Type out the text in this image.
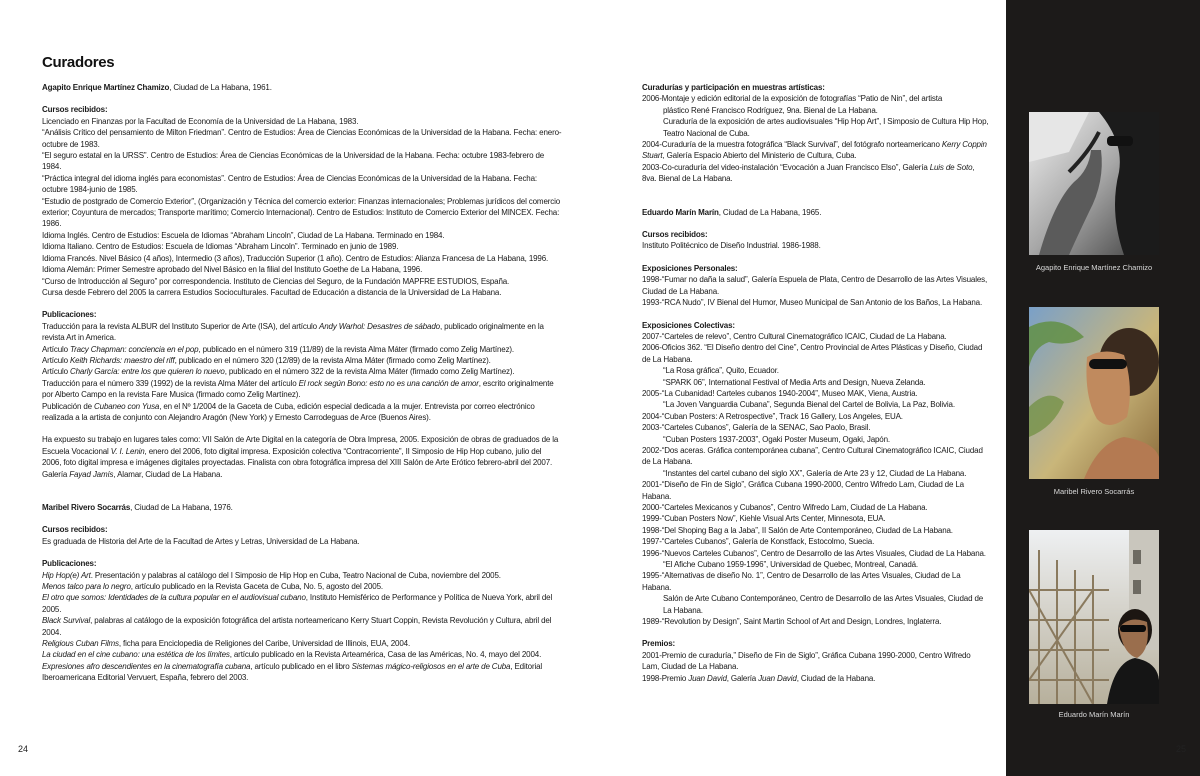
Curadores
Agapito Enrique Martínez Chamizo, Ciudad de La Habana, 1961.
Cursos recibidos:
Licenciado en Finanzas por la Facultad de Economía de la Universidad de La Habana, 1983.
“Análisis Crítico del pensamiento de Milton Friedman”. Centro de Estudios: Área de Ciencias Económicas de la Universidad de la Habana. Fecha: enero-octubre de 1983.
“El seguro estatal en la URSS”. Centro de Estudios: Área de Ciencias Económicas de la Universidad de la Habana. Fecha: octubre 1983-febrero de 1984.
“Práctica integral del idioma inglés para economistas”. Centro de Estudios: Área de Ciencias Económicas de la Universidad de la Habana. Fecha: octubre 1984-junio de 1985.
“Estudio de postgrado de Comercio Exterior”, (Organización y Técnica del comercio exterior: Finanzas internacionales; Problemas jurídicos del comercio exterior; Coyuntura de mercados; Transporte marítimo; Comercio Internacional). Centro de Estudios: Instituto de Comercio Exterior del MINCEX. Fecha: 1986.
Idioma Inglés. Centro de Estudios: Escuela de Idiomas “Abraham Lincoln”, Ciudad de La Habana. Terminado en 1984.
Idioma Italiano. Centro de Estudios: Escuela de Idiomas “Abraham Lincoln”. Terminado en junio de 1989.
Idioma Francés. Nivel Básico (4 años), Intermedio (3 años), Traducción Superior (1 año). Centro de Estudios: Alianza Francesa de La Habana, 1996.
Idioma Alemán: Primer Semestre aprobado del Nivel Básico en la filial del Instituto Goethe de La Habana, 1996.
“Curso de Introducción al Seguro” por correspondencia. Instituto de Ciencias del Seguro, de la Fundación MAPFRE ESTUDIOS, España.
Cursa desde Febrero del 2005 la carrera Estudios Socioculturales. Facultad de Educación a distancia de la Universidad de La Habana.
Publicaciones:
Traducción para la revista ALBUR del Instituto Superior de Arte (ISA), del artículo Andy Warhol: Desastres de sábado, publicado originalmente en la revista Art in America.
Artículo Tracy Chapman: conciencia en el pop, publicado en el número 319 (11/89) de la revista Alma Máter (firmado como Zelig Martínez).
Artículo Keith Richards: maestro del riff, publicado en el número 320 (12/89) de la revista Alma Máter (firmado como Zelig Martínez).
Artículo Charly García: entre los que quieren lo nuevo, publicado en el número 322 de la revista Alma Máter (firmado como Zelig Martínez).
Traducción para el número 339 (1992) de la revista Alma Máter del artículo El rock según Bono: esto no es una canción de amor, escrito originalmente por Alberto Campo en la revista Fare Musica (firmado como Zelig Martínez).
Publicación de Cubaneo con Yusa, en el Nº 1/2004 de la Gaceta de Cuba, edición especial dedicada a la mujer. Entrevista por correo electrónico realizada a la artista de conjunto con Alejandro Aragón (New York) y Ernesto Carrodeguas de Arce (Buenos Aires).
Ha expuesto su trabajo en lugares tales como: VII Salón de Arte Digital en la categoría de Obra Impresa, 2005. Exposición de obras de graduados de la Escuela Vocacional V. I. Lenin, enero del 2006, foto digital impresa. Exposición colectiva “Contracorriente”, II Simposio de Hip Hop cubano, julio del 2006, foto digital impresa e imágenes digitales proyectadas. Finalista con obra fotográfica impresa del XIII Salón de Arte Erótico febrero-abril del 2007. Galería Fayad Jamís, Alamar, Ciudad de La Habana.
Maribel Rivero Socarrás, Ciudad de La Habana, 1976.
Cursos recibidos:
Es graduada de Historia del Arte de la Facultad de Artes y Letras, Universidad de La Habana.
Publicaciones:
Hip Hop(e) Art. Presentación y palabras al catálogo del I Simposio de Hip Hop en Cuba, Teatro Nacional de Cuba, noviembre del 2005.
Menos talco para lo negro, artículo publicado en la Revista Gaceta de Cuba, No. 5, agosto del 2005.
El otro que somos: Identidades de la cultura popular en el audiovisual cubano, Instituto Hemisférico de Performance y Política de Nueva York, abril del 2005.
Black Survival, palabras al catálogo de la exposición fotográfica del artista norteamericano Kerry Stuart Coppin, Revista Revolución y Cultura, abril del 2004.
Religious Cuban Films, ficha para Enciclopedia de Religiones del Caribe, Universidad de Illinois, EUA, 2004.
La ciudad en el cine cubano: una estética de los límites, artículo publicado en la Revista Arteamérica, Casa de las Américas, No. 4, mayo del 2004.
Expresiones afro descendientes en la cinematografía cubana, artículo publicado en el libro Sistemas mágico-religiosos en el arte de Cuba, Editorial Iberoamericana Editorial Vervuert, España, febrero del 2003.
24
Curadurías y participación en muestras artísticas:
2006-Montaje y edición editorial de la exposición de fotografías “Patio de Nin”, del artista
plástico René Francisco Rodríguez, 9na. Bienal de La Habana.
Curaduría de la exposición de artes audiovisuales “Hip Hop Art”, I Simposio de Cultura Hip Hop, Teatro Nacional de Cuba.
2004-Curaduría de la muestra fotográfica “Black Survival”, del fotógrafo norteamericano Kerry Coppin Stuart, Galería Espacio Abierto del Ministerio de Cultura, Cuba.
2003-Co-curaduría del video-instalación “Evocación a Juan Francisco Elso”, Galería Luis de Soto, 8va. Bienal de La Habana.
Eduardo Marín Marín, Ciudad de La Habana, 1965.
Cursos recibidos:
Instituto Politécnico de Diseño Industrial. 1986-1988.
Exposiciones Personales:
1998-“Fumar no daña la salud”, Galería Espuela de Plata, Centro de Desarrollo de las Artes Visuales, Ciudad de La Habana.
1993-“RCA Nudo”, IV Bienal del Humor, Museo Municipal de San Antonio de los Baños, La Habana.
Exposiciones Colectivas:
2007-“Carteles de relevo”, Centro Cultural Cinematográfico ICAIC, Ciudad de La Habana.
2006-Oficios 362. “El Diseño dentro del Cine”, Centro Provincial de Artes Plásticas y Diseño, Ciudad de La Habana.
“La Rosa gráfica”, Quito, Ecuador.
“SPARK 06”, International Festival of Media Arts and Design, Nueva Zelanda.
2005-“La Cubanidad! Carteles cubanos 1940-2004”, Museo MAK, Viena, Austria.
“La Joven Vanguardia Cubana”, Segunda Bienal del Cartel de Bolivia, La Paz, Bolivia.
2004-“Cuban Posters: A Retrospective”, Track 16 Gallery, Los Angeles, EUA.
2003-“Carteles Cubanos”, Galería de la SENAC, Sao Paolo, Brasil.
“Cuban Posters 1937-2003”, Ogaki Poster Museum, Ogaki, Japón.
2002-“Dos aceras. Gráfica contemporánea cubana”, Centro Cultural Cinematográfico ICAIC, Ciudad de La Habana.
“Instantes del cartel cubano del siglo XX”, Galería de Arte 23 y 12, Ciudad de La Habana.
2001-“Diseño de Fin de Siglo”, Gráfica Cubana 1990-2000, Centro Wifredo Lam, Ciudad de La Habana.
2000-“Carteles Mexicanos y Cubanos”, Centro Wifredo Lam, Ciudad de La Habana.
1999-“Cuban Posters Now”, Kiehle Visual Arts Center, Minnesota, EUA.
1998-“Del Shoping Bag a la Jaba”, II Salón de Arte Contemporáneo, Ciudad de La Habana.
1997-“Carteles Cubanos”, Galería de Konstfack, Estocolmo, Suecia.
1996-“Nuevos Carteles Cubanos”, Centro de Desarrollo de las Artes Visuales, Ciudad de La Habana.
“El Afiche Cubano 1959-1996”, Universidad de Quebec, Montreal, Canadá.
1995-“Alternativas de diseño No. 1”, Centro de Desarrollo de las Artes Visuales, Ciudad de La Habana.
Salón de Arte Cubano Contemporáneo, Centro de Desarrollo de las Artes Visuales, Ciudad de La Habana.
1989-“Revolution by Design”, Saint Martin School of Art and Design, Londres, Inglaterra.
Premios:
2001-Premio de curaduría,” Diseño de Fin de Siglo”, Gráfica Cubana 1990-2000, Centro Wifredo Lam, Ciudad de La Habana.
1998-Premio Juan David, Galería Juan David, Ciudad de la Habana.
Agapito Enrique Martínez Chamizo
Maribel Rivero Socarrás
Eduardo Marín Marín
25
